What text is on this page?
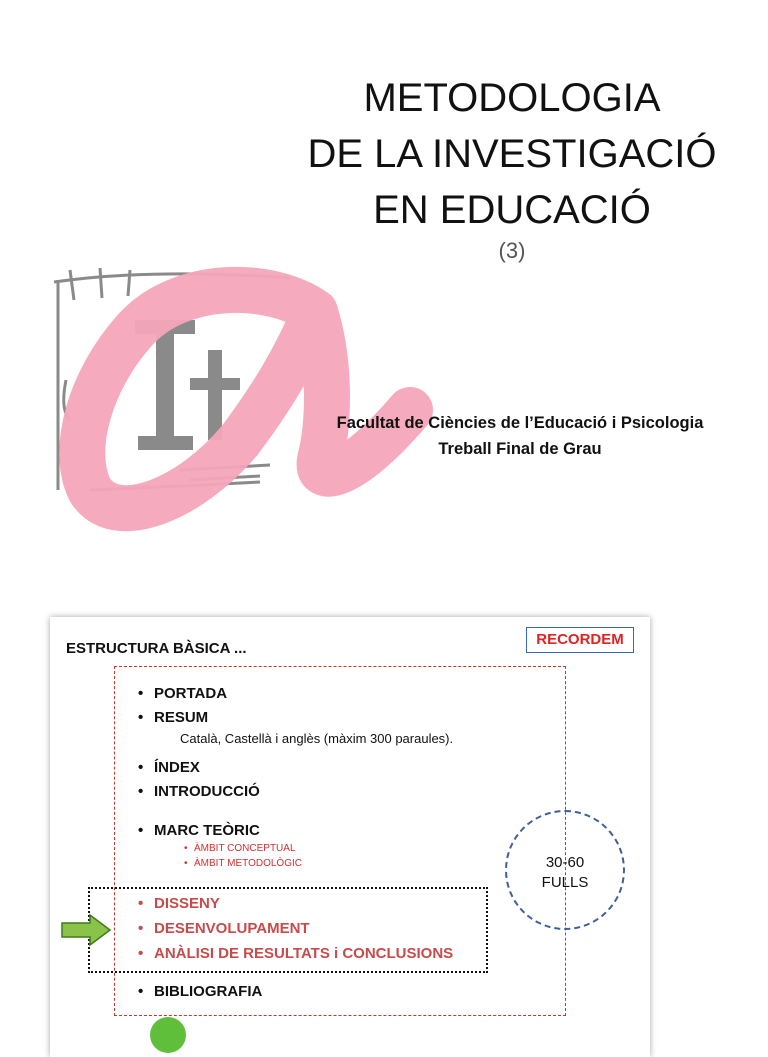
METODOLOGIA
DE LA INVESTIGACIÓ
EN EDUCACIÓ
(3)
Facultat de Ciències de l’Educació i Psicologia
Treball Final de Grau
ESTRUCTURA BÀSICA ...
RECORDEM
30-60
FULLS
• PORTADA
• RESUM
Català, Castellà i anglès (màxim 300 paraules).
• ÍNDEX
• INTRODUCCIÓ
• MARC TEÒRIC
• ÀMBIT CONCEPTUAL
• ÀMBIT METODOLÒGIC
• DISSENY
• DESENVOLUPAMENT
• ANÀLISI DE RESULTATS i CONCLUSIONS
• BIBLIOGRAFIA
